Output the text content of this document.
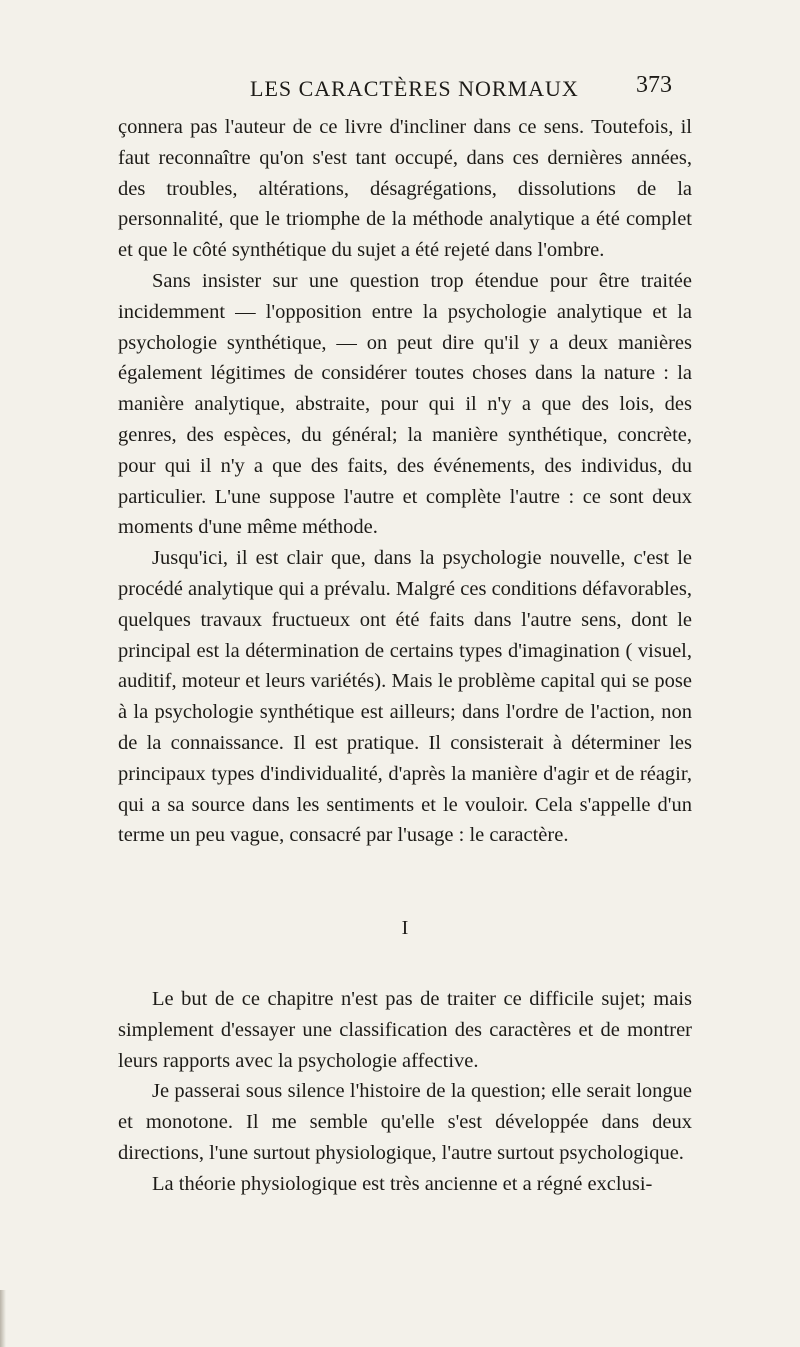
LES CARACTÈRES NORMAUX 373

çonnera pas l'auteur de ce livre d'incliner dans ce sens. Toutefois, il faut reconnaître qu'on s'est tant occupé, dans ces dernières années, des troubles, altérations, désagrégations, dissolutions de la personnalité, que le triomphe de la méthode analytique a été complet et que le côté synthétique du sujet a été rejeté dans l'ombre.

Sans insister sur une question trop étendue pour être traitée incidemment — l'opposition entre la psychologie analytique et la psychologie synthétique, — on peut dire qu'il y a deux manières également légitimes de considérer toutes choses dans la nature : la manière analytique, abstraite, pour qui il n'y a que des lois, des genres, des espèces, du général; la manière synthétique, concrète, pour qui il n'y a que des faits, des événements, des individus, du particulier. L'une suppose l'autre et complète l'autre : ce sont deux moments d'une même méthode.

Jusqu'ici, il est clair que, dans la psychologie nouvelle, c'est le procédé analytique qui a prévalu. Malgré ces conditions défavorables, quelques travaux fructueux ont été faits dans l'autre sens, dont le principal est la détermination de certains types d'imagination ( visuel, auditif, moteur et leurs variétés). Mais le problème capital qui se pose à la psychologie synthétique est ailleurs; dans l'ordre de l'action, non de la connaissance. Il est pratique. Il consisterait à déterminer les principaux types d'individualité, d'après la manière d'agir et de réagir, qui a sa source dans les sentiments et le vouloir. Cela s'appelle d'un terme un peu vague, consacré par l'usage : le caractère.

I

Le but de ce chapitre n'est pas de traiter ce difficile sujet; mais simplement d'essayer une classification des caractères et de montrer leurs rapports avec la psychologie affective.

Je passerai sous silence l'histoire de la question; elle serait longue et monotone. Il me semble qu'elle s'est développée dans deux directions, l'une surtout physiologique, l'autre surtout psychologique.

La théorie physiologique est très ancienne et a régné exclusi-
